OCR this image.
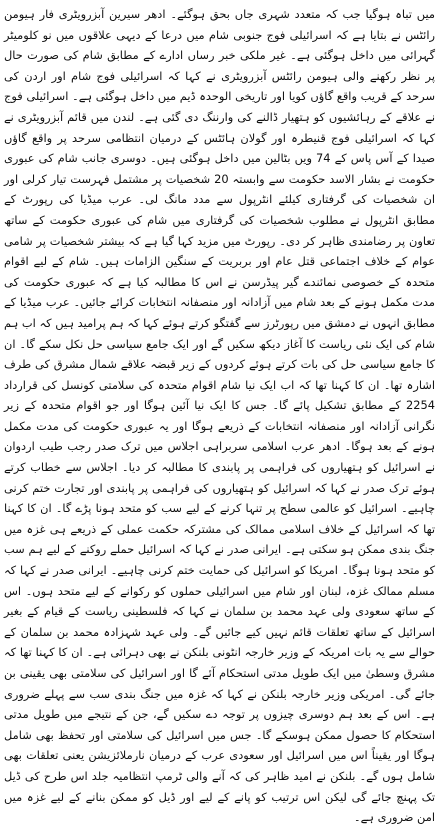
میں تباہ ہوگیا جب کہ متعدد شہری جاں بحق ہوگئے۔ ادھر سیرین آبزرویٹری فار ہیومن رائٹس نے بتایا ہے کہ اسرائیلی فوج جنوبی شام میں درعا کے دیہی علاقوں میں نو کلومیٹر گہرائی میں داخل ہوگئی ہے۔ غیر ملکی خبر رساں ادارے کے مطابق شام کی صورت حال پر نظر رکھنے والی ہیومن رائٹس آبزرویٹری نے کہا کہ اسرائیلی فوج شام اور اردن کی سرحد کے قریب واقع گاؤں کویا اور تاریخی الوحدہ ڈیم میں داخل ہوگئی ہے۔ اسرائیلی فوج نے علاقے کے رہائشیوں کو ہتھیار ڈالنے کی وارننگ دی گئی ہے۔ لندن میں قائم آبزرویٹری نے کہا کہ اسرائیلی فوج قنیطرہ اور گولان ہائٹس کے درمیان انتظامی سرحد پر واقع گاؤں صیدا کے آس پاس کے 74 ویں بٹالین میں داخل ہوگئی ہیں۔ دوسری جانب شام کی عبوری حکومت نے بشار الاسد حکومت سے وابستہ 20 شخصیات پر مشتمل فہرست تیار کرلی اور ان شخصیات کی گرفتاری کیلئے انٹرپول سے مدد مانگ لی۔ عرب میڈیا کی رپورٹ کے مطابق انٹرپول نے مطلوب شخصیات کی گرفتاری میں شام کی عبوری حکومت کے ساتھ تعاون پر رضامندی ظاہر کر دی۔ رپورٹ میں مزید کہا گیا ہے کہ بیشتر شخصیات پر شامی عوام کے خلاف اجتماعی قتل عام اور بربریت کے سنگین الزامات ہیں۔ شام کے لیے اقوام متحدہ کے خصوصی نمائندے گیر پیڈرسن نے اس کا مطالبہ کیا ہے کہ عبوری حکومت کی مدت مکمل ہونے کے بعد شام میں آزادانہ اور منصفانہ انتخابات کرائے جائیں۔ عرب میڈیا کے مطابق انہوں نے دمشق میں رپورٹرز سے گفتگو کرتے ہوئے کہا کہ ہم پرامید ہیں کہ اب ہم شام کی ایک نئی ریاست کا آغاز دیکھ سکیں گے اور ایک جامع سیاسی حل نکل سکے گا۔ ان کا جامع سیاسی حل کی بات کرتے ہوئے کردوں کے زیر قبضہ علاقے شمال مشرق کی طرف اشارہ تھا۔ ان کا کہنا تھا کہ اب ایک نیا شام اقوام متحدہ کی سلامتی کونسل کی قرارداد 2254 کے مطابق تشکیل پائے گا۔ جس کا ایک نیا آئین ہوگا اور جو اقوام متحدہ کے زیر نگرانی آزادانہ اور منصفانہ انتخابات کے ذریعے ہوگا اور یہ عبوری حکومت کی مدت مکمل ہونے کے بعد ہوگا۔ ادھر عرب اسلامی سربراہی اجلاس میں ترک صدر رجب طیب اردوان نے اسرائیل کو ہتھیاروں کی فراہمی پر پابندی کا مطالبہ کر دیا۔ اجلاس سے خطاب کرتے ہوئے ترک صدر نے کہا کہ اسرائیل کو ہتھیاروں کی فراہمی پر پابندی اور تجارت ختم کرنی چاہیے۔ اسرائیل کو عالمی سطح پر تنہا کرنے کے لیے سب کو متحد ہونا پڑے گا۔ ان کا کہنا تھا کہ اسرائیل کے خلاف اسلامی ممالک کی مشترکہ حکمت عملی کے ذریعے ہی غزہ میں جنگ بندی ممکن ہو سکتی ہے۔ ایرانی صدر نے کہا کہ اسرائیل حملے روکنے کے لیے ہم سب کو متحد ہونا ہوگا۔ امریکا کو اسرائیل کی حمایت ختم کرنی چاہیے۔ ایرانی صدر نے کہا کہ مسلم ممالک غزہ، لبنان اور شام میں اسرائیلی حملوں کو رکوانے کے لیے متحد ہوں۔ اس کے ساتھ سعودی ولی عہد محمد بن سلمان نے کہا کہ فلسطینی ریاست کے قیام کے بغیر اسرائیل کے ساتھ تعلقات قائم نہیں کیے جائیں گے۔ ولی عہد شہزادہ محمد بن سلمان کے حوالے سے یہ بات امریکہ کے وزیر خارجہ انٹونی بلنکن نے بھی دہرائی ہے۔ ان کا کہنا تھا کہ مشرق وسطیٰ میں ایک طویل مدتی استحکام آئے گا اور اسرائیل کی سلامتی بھی یقینی بن جائے گی۔ امریکی وزیر خارجہ بلنکن نے کہا کہ غزہ میں جنگ بندی سب سے پہلے ضروری ہے۔ اس کے بعد ہم دوسری چیزوں پر توجہ دے سکیں گے، جن کے نتیجے میں طویل مدتی استحکام کا حصول ممکن ہوسکے گا۔ جس میں اسرائیل کی سلامتی اور تحفظ بھی شامل ہوگا اور یقیناً اس میں اسرائیل اور سعودی عرب کے درمیان نارملائزیشن یعنی تعلقات بھی شامل ہوں گے۔ بلنکن نے امید ظاہر کی کہ آنے والی ٹرمپ انتظامیہ جلد اس طرح کی ڈیل تک پہنچ جائے گی لیکن اس ترتیب کو پانے کے لیے اور ڈیل کو ممکن بنانے کے لیے غزہ میں امن ضروری ہے۔
